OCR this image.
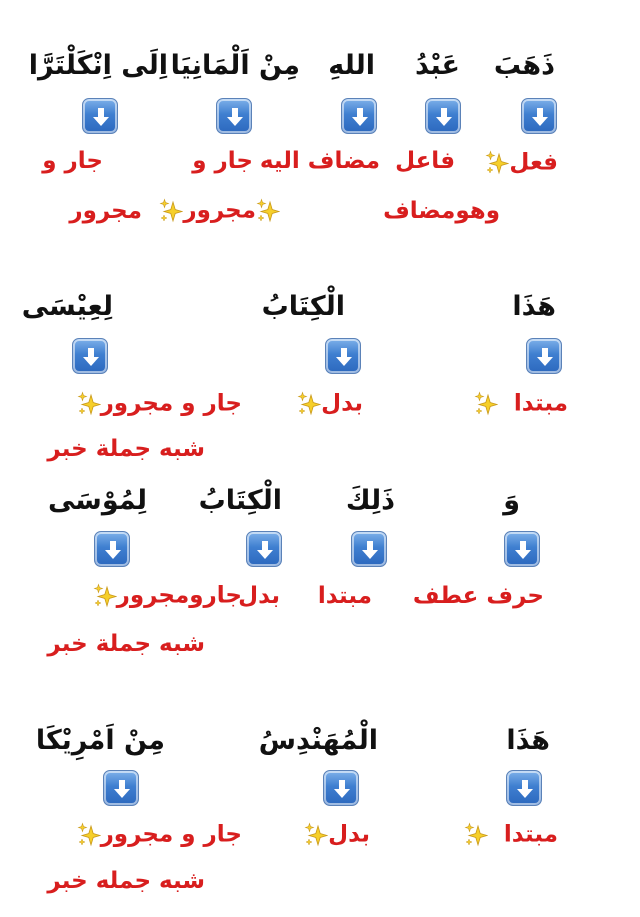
ذَهَبَ
عَبْدُ
اللهِ
مِنْ اَلْمَانِيَا
اِلَى اِنْكَلْتَرَّا
فعل
فاعل
مضاف اليه
جار و
جار و
وهومضاف
مجرور
مجرور
هَذَا
الْكِتَابُ
لِعِيْسَى
مبتدا
بدل
جار و مجرور
شبه جملة خبر
وَ
ذَلِكَ
الْكِتَابُ
لِمُوْسَى
حرف عطف
مبتدا
بدل
جارومجرور
شبه جملة خبر
هَذَا
الْمُهَنْدِسُ
مِنْ اَمْرِيْكَا
مبتدا
بدل
جار و مجرور
شبه جمله خبر
